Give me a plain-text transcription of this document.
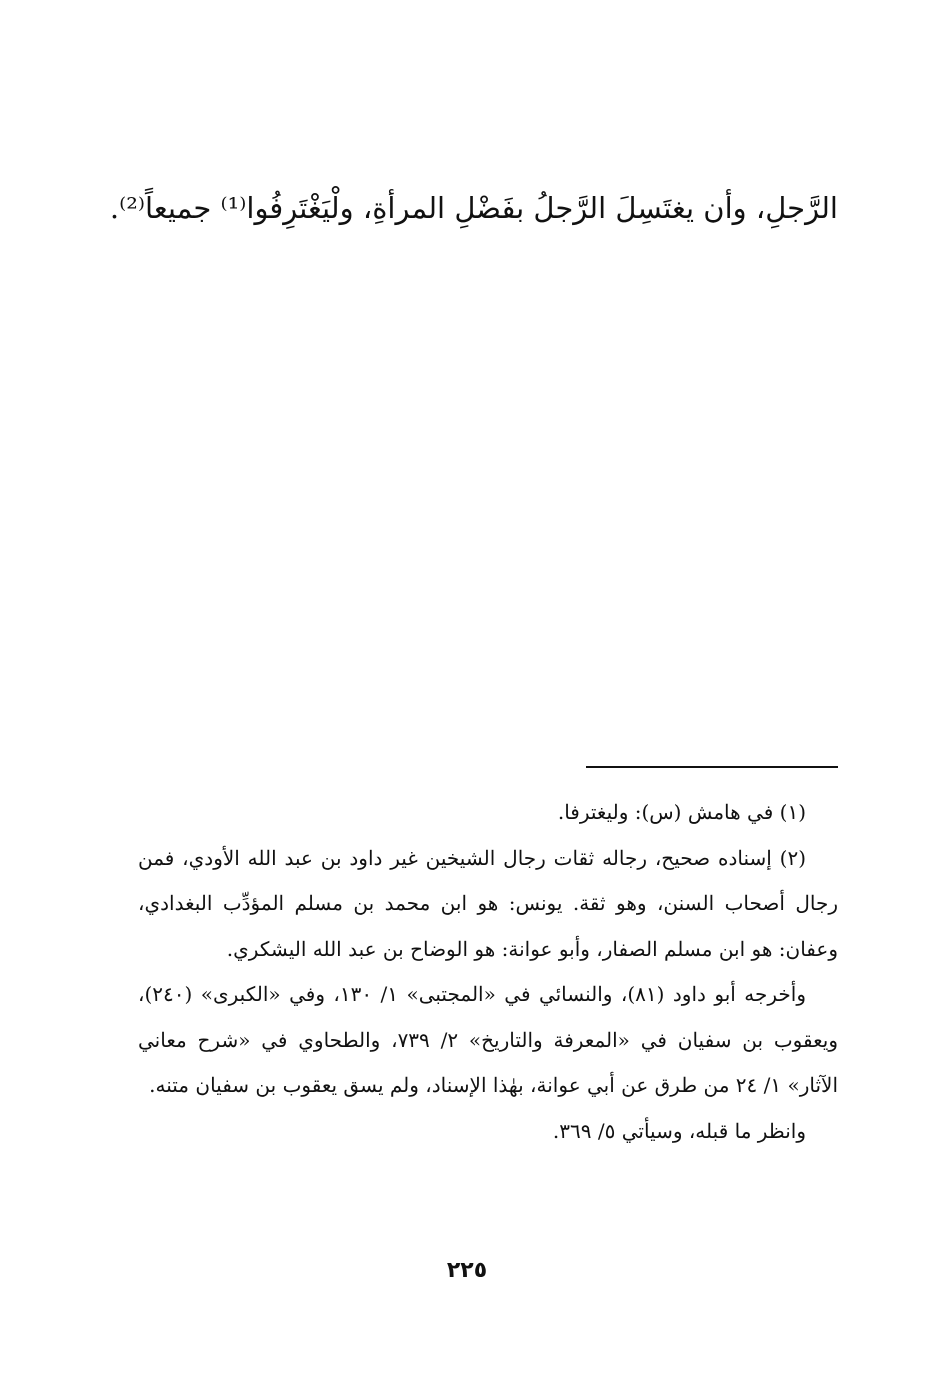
الرَّجلِ، وأن يغتَسِلَ الرَّجلُ بفَضْلِ المرأةِ، ولْيَغْتَرِفُوا⁽¹⁾ جميعاً⁽²⁾.

(١) في هامش (س): وليغترفا.

(٢) إسناده صحيح، رجاله ثقات رجال الشيخين غير داود بن عبد الله الأودي، فمن رجال أصحاب السنن، وهو ثقة. يونس: هو ابن محمد بن مسلم المؤدِّب البغدادي، وعفان: هو ابن مسلم الصفار، وأبو عوانة: هو الوضاح بن عبد الله اليشكري.

وأخرجه أبو داود (٨١)، والنسائي في «المجتبى» ١/ ١٣٠، وفي «الكبرى» (٢٤٠)، ويعقوب بن سفيان في «المعرفة والتاريخ» ٢/ ٧٣٩، والطحاوي في «شرح معاني الآثار» ١/ ٢٤ من طرق عن أبي عوانة، بهٰذا الإسناد، ولم يسق يعقوب بن سفيان متنه.

وانظر ما قبله، وسيأتي ٥/ ٣٦٩.

٢٢٥
